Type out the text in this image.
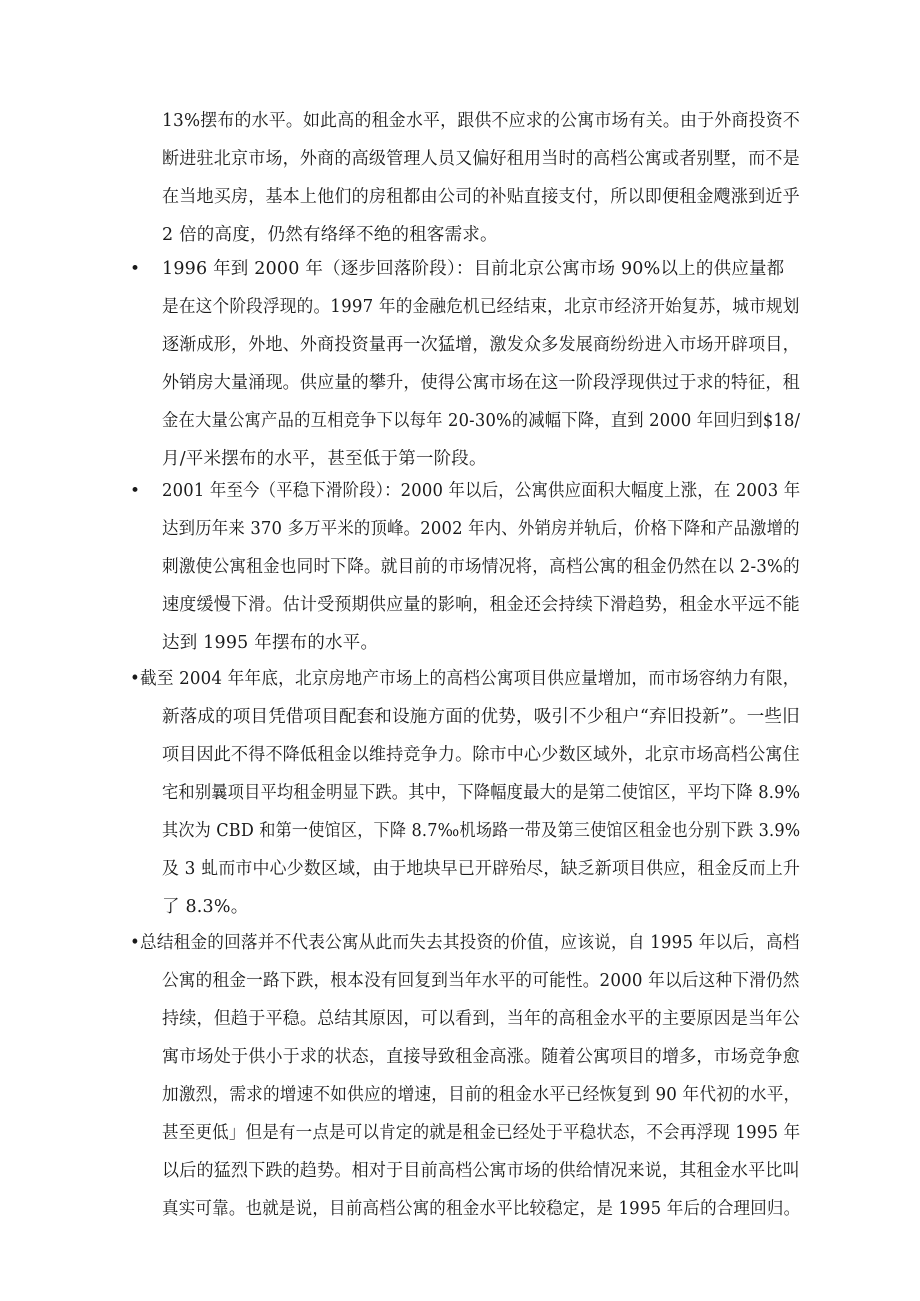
13%摆布的水平。如此高的租金水平，跟供不应求的公寓市场有关。由于外商投资不
断进驻北京市场，外商的高级管理人员又偏好租用当时的高档公寓或者别墅，而不是
在当地买房，基本上他们的房租都由公司的补贴直接支付，所以即便租金飕涨到近乎
2 倍的高度，仍然有络绎不绝的租客需求。
• 1996 年到 2000 年（逐步回落阶段）：目前北京公寓市场 90%以上的供应量都
是在这个阶段浮现的。1997 年的金融危机已经结束，北京市经济开始复苏，城市规划
逐渐成形，外地、外商投资量再一次猛增，激发众多发展商纷纷进入市场开辟项目，
外销房大量涌现。供应量的攀升，使得公寓市场在这一阶段浮现供过于求的特征，租
金在大量公寓产品的互相竞争下以每年 20-30%的减幅下降，直到 2000 年回归到$18/
月/平米摆布的水平，甚至低于第一阶段。
• 2001 年至今（平稳下滑阶段）：2000 年以后，公寓供应面积大幅度上涨，在 2003 年
达到历年来 370 多万平米的顶峰。2002 年内、外销房并轨后，价格下降和产品激增的
刺激使公寓租金也同时下降。就目前的市场情况将，高档公寓的租金仍然在以 2-3%的
速度缓慢下滑。估计受预期供应量的影响，租金还会持续下滑趋势，租金水平远不能
达到 1995 年摆布的水平。
•截至 2004 年年底，北京房地产市场上的高档公寓项目供应量增加，而市场容纳力有限，
新落成的项目凭借项目配套和设施方面的优势，吸引不少租户“弃旧投新”。一些旧
项目因此不得不降低租金以维持竞争力。除市中心少数区域外，北京市场高档公寓住
宅和别曩项目平均租金明显下跌。其中，下降幅度最大的是第二使馆区，平均下降 8.9%
其次为 CBD 和第一使馆区，下降 8.7‰机场路一带及第三使馆区租金也分别下跌 3.9%
及 3 虬而市中心少数区域，由于地块早已开辟殆尽，缺乏新项目供应，租金反而上升
了 8.3%。
•总结租金的回落并不代表公寓从此而失去其投资的价值，应该说，自 1995 年以后，高档
公寓的租金一路下跌，根本没有回复到当年水平的可能性。2000 年以后这种下滑仍然
持续，但趋于平稳。总结其原因，可以看到，当年的高租金水平的主要原因是当年公
寓市场处于供小于求的状态，直接导致租金高涨。随着公寓项目的增多，市场竞争愈
加激烈，需求的增速不如供应的增速，目前的租金水平已经恢复到 90 年代初的水平，
甚至更低」但是有一点是可以肯定的就是租金已经处于平稳状态，不会再浮现 1995 年
以后的猛烈下跌的趋势。相对于目前高档公寓市场的供给情况来说，其租金水平比叫
真实可靠。也就是说，目前高档公寓的租金水平比较稳定，是 1995 年后的合理回归。
